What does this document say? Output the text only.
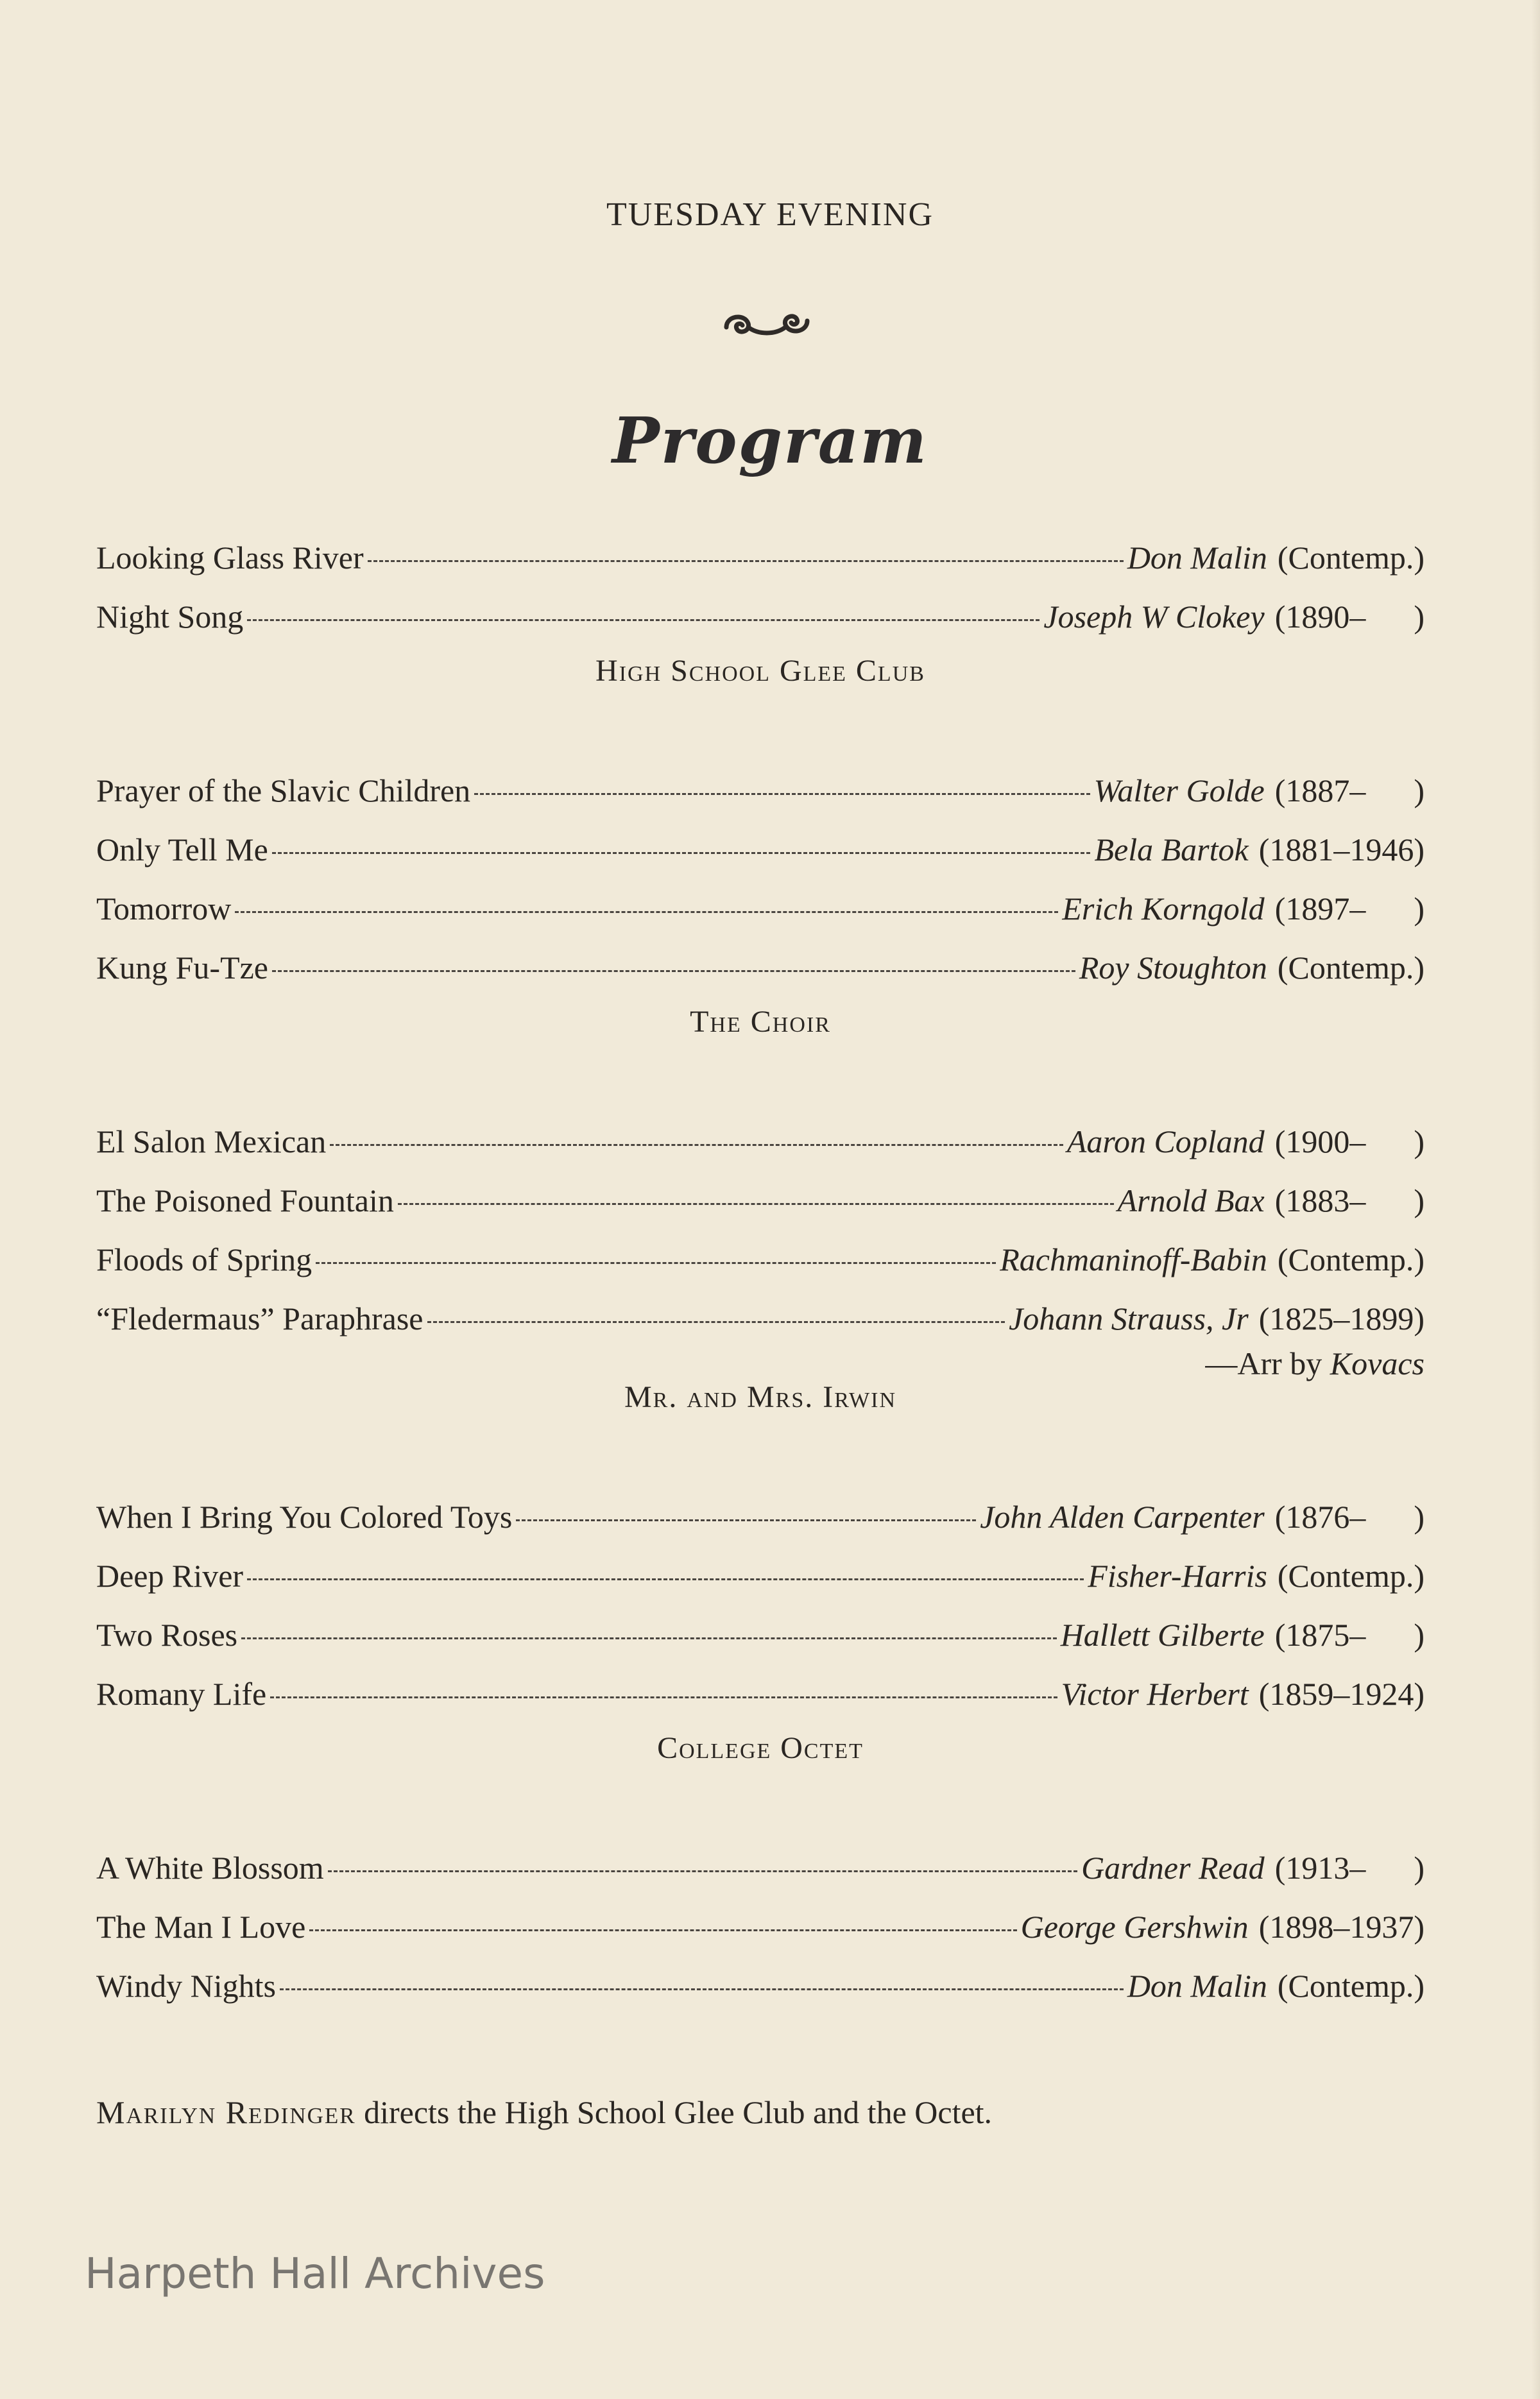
TUESDAY EVENING
Program
Looking Glass River	Don Malin (Contemp.)
Night Song	Joseph W Clokey (1890–      )
High School Glee Club
Prayer of the Slavic Children	Walter Golde (1887–      )
Only Tell Me	Bela Bartok (1881–1946)
Tomorrow	Erich Korngold (1897–      )
Kung Fu-Tze	Roy Stoughton (Contemp.)
The Choir
El Salon Mexican	Aaron Copland (1900–      )
The Poisoned Fountain	Arnold Bax (1883–      )
Floods of Spring	Rachmaninoff-Babin (Contemp.)
“Fledermaus” Paraphrase	Johann Strauss, Jr (1825–1899)
—Arr by Kovacs
Mr. and Mrs. Irwin
When I Bring You Colored Toys	John Alden Carpenter (1876–      )
Deep River	Fisher-Harris (Contemp.)
Two Roses	Hallett Gilberte (1875–      )
Romany Life	Victor Herbert (1859–1924)
College Octet
A White Blossom	Gardner Read (1913–      )
The Man I Love	George Gershwin (1898–1937)
Windy Nights	Don Malin (Contemp.)
Marilyn Redinger directs the High School Glee Club and the Octet.
Harpeth Hall Archives
